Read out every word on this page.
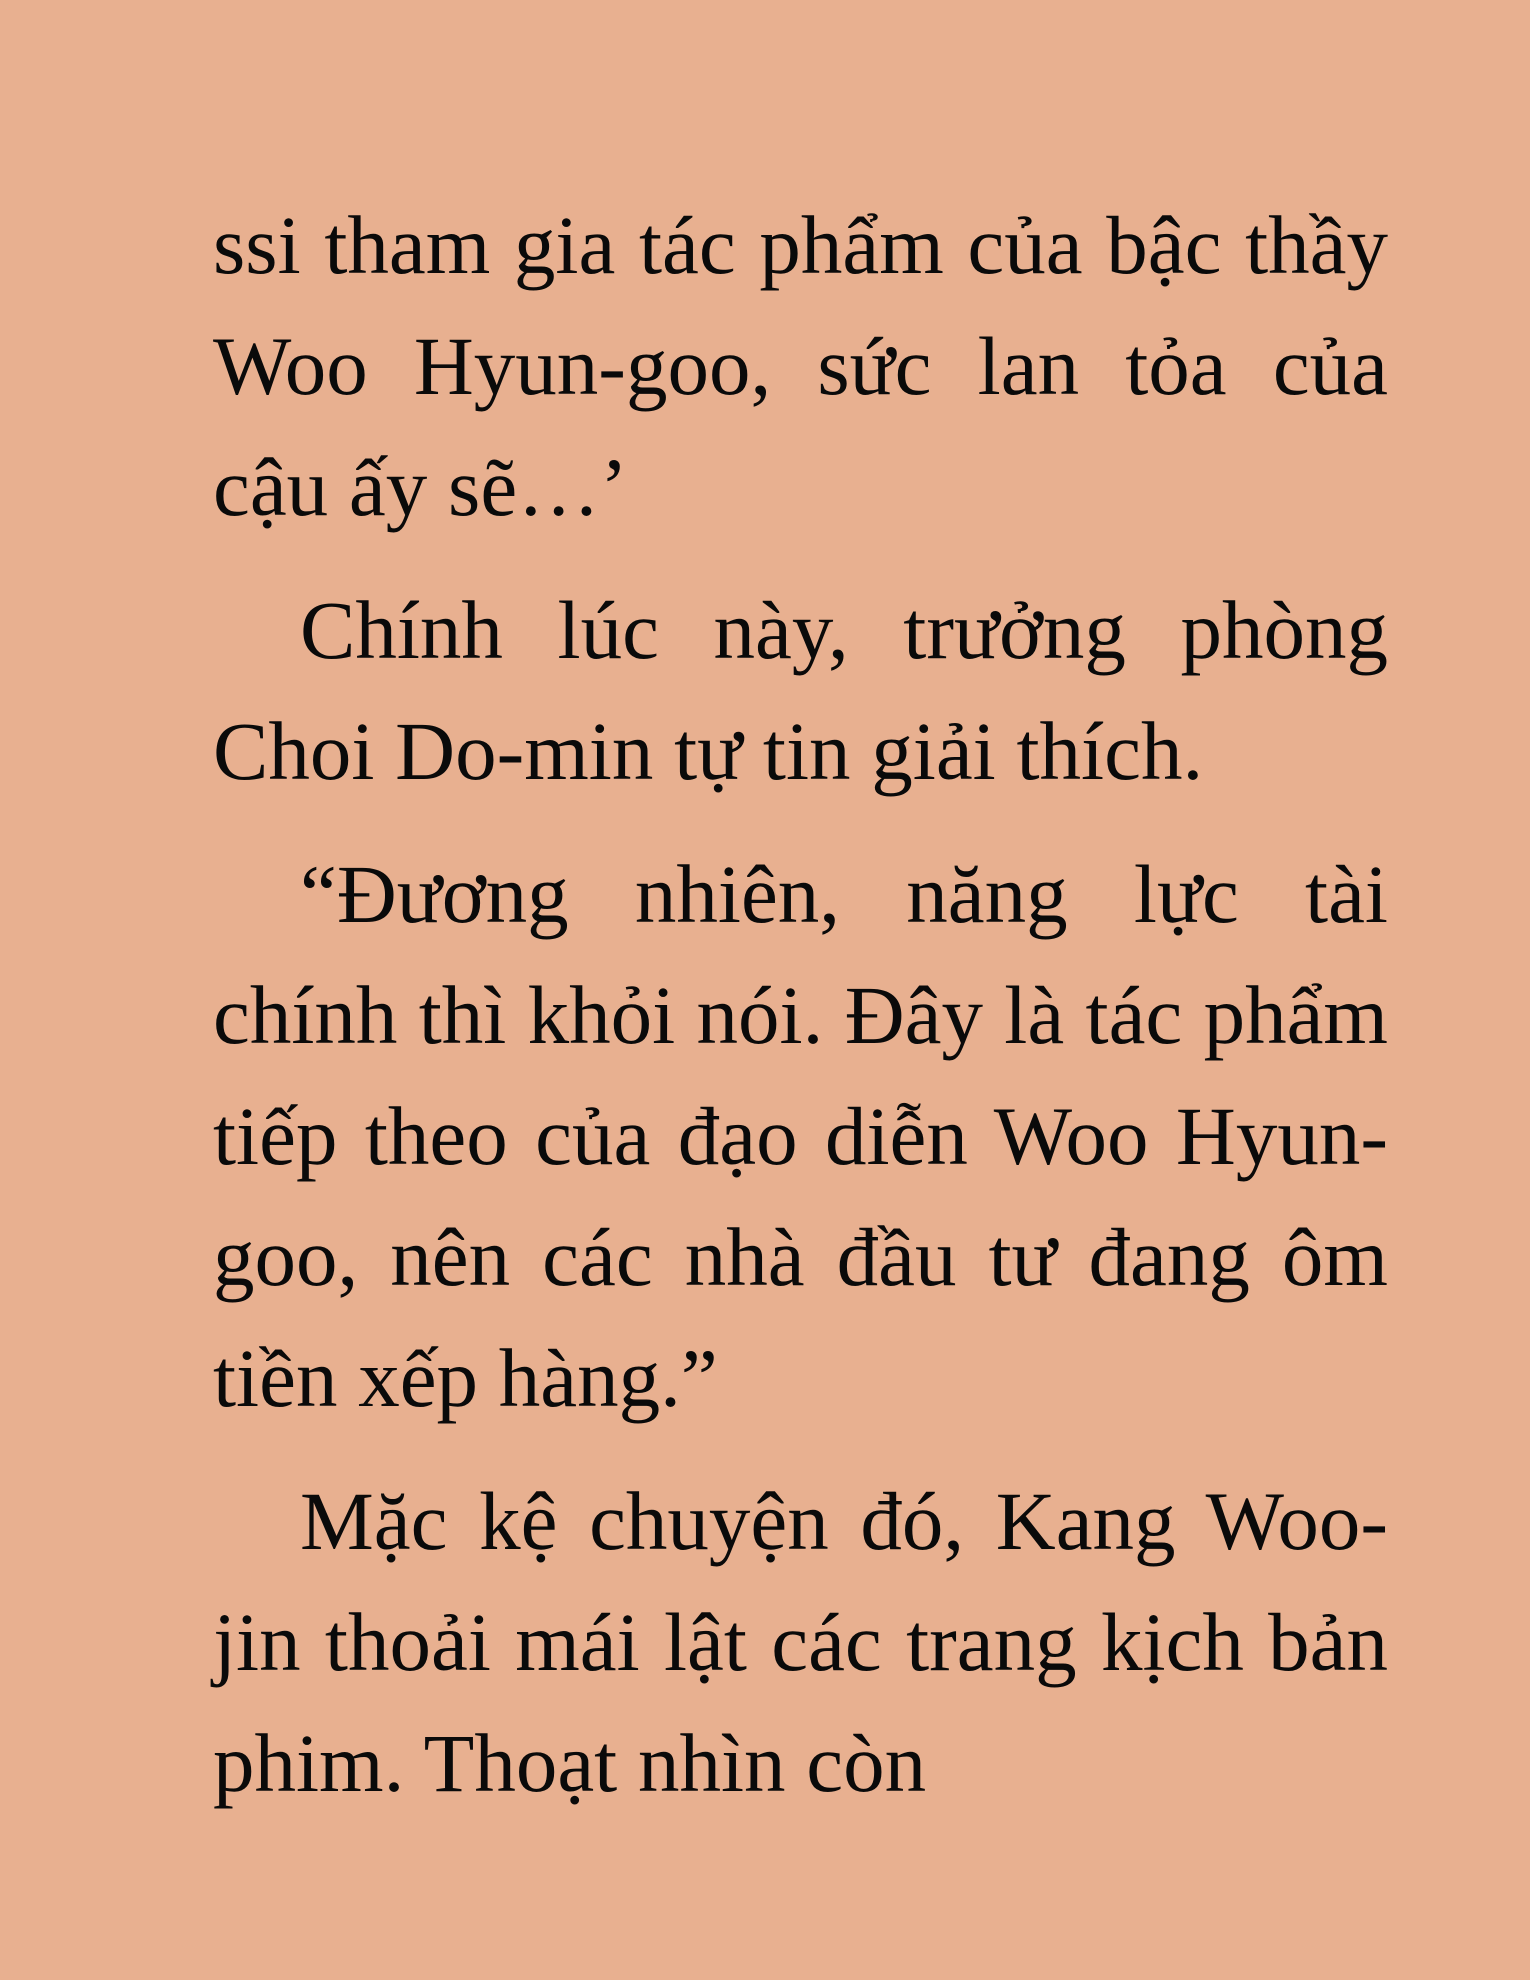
ssi tham gia tác phẩm của bậc thầy Woo Hyun-goo, sức lan tỏa của cậu ấy sẽ…’

Chính lúc này, trưởng phòng Choi Do-min tự tin giải thích.

“Đương nhiên, năng lực tài chính thì khỏi nói. Đây là tác phẩm tiếp theo của đạo diễn Woo Hyun-goo, nên các nhà đầu tư đang ôm tiền xếp hàng.”

Mặc kệ chuyện đó, Kang Woo-jin thoải mái lật các trang kịch bản phim. Thoạt nhìn còn
